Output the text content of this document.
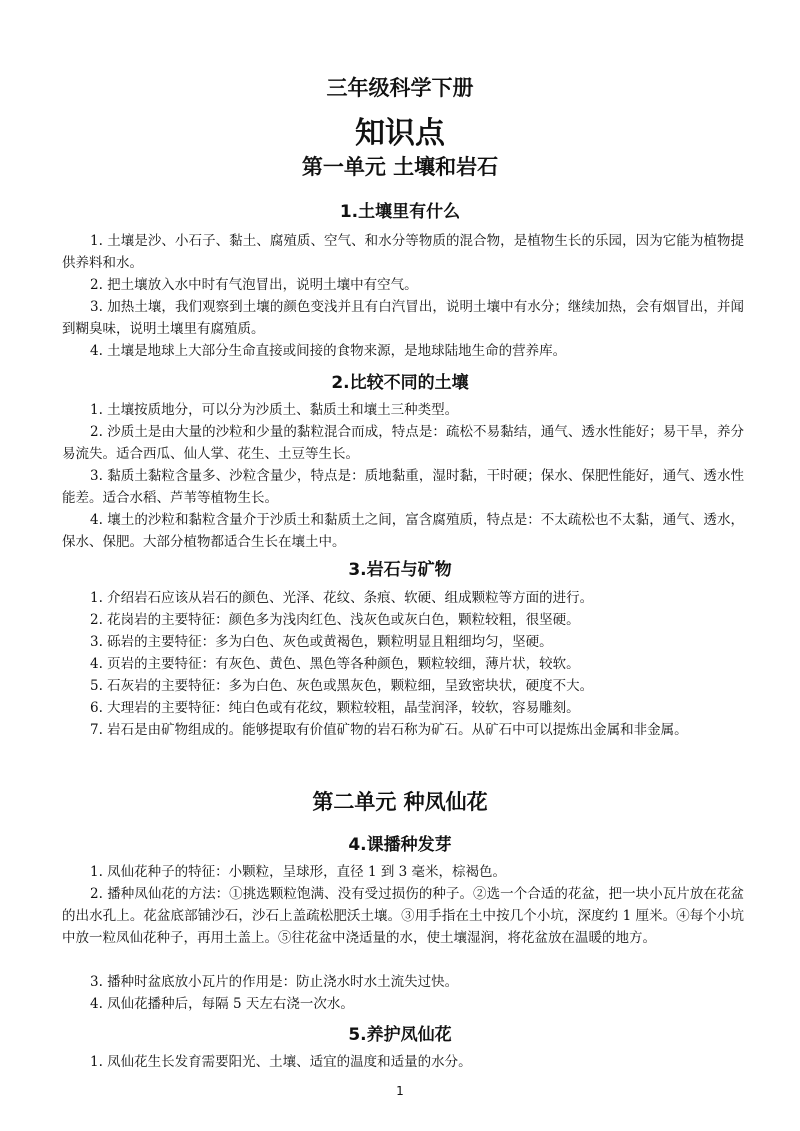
三年级科学下册
知识点
第一单元 土壤和岩石
1.土壤里有什么

1. 土壤是沙、小石子、黏土、腐殖质、空气、和水分等物质的混合物，是植物生长的乐园，因为它能为植物提供养料和水。

2. 把土壤放入水中时有气泡冒出，说明土壤中有空气。

3. 加热土壤，我们观察到土壤的颜色变浅并且有白汽冒出，说明土壤中有水分；继续加热，会有烟冒出，并闻到糊臭味，说明土壤里有腐殖质。

4. 土壤是地球上大部分生命直接或间接的食物来源，是地球陆地生命的营养库。

2.比较不同的土壤

1. 土壤按质地分，可以分为沙质土、黏质土和壤土三种类型。

2. 沙质土是由大量的沙粒和少量的黏粒混合而成，特点是：疏松不易黏结，通气、透水性能好；易干旱，养分易流失。适合西瓜、仙人掌、花生、土豆等生长。

3. 黏质土黏粒含量多、沙粒含量少，特点是：质地黏重，湿时黏，干时硬；保水、保肥性能好，通气、透水性能差。适合水稻、芦苇等植物生长。

4. 壤土的沙粒和黏粒含量介于沙质土和黏质土之间，富含腐殖质，特点是：不太疏松也不太黏，通气、透水，保水、保肥。大部分植物都适合生长在壤土中。

3.岩石与矿物

1. 介绍岩石应该从岩石的颜色、光泽、花纹、条痕、软硬、组成颗粒等方面的进行。

2. 花岗岩的主要特征：颜色多为浅肉红色、浅灰色或灰白色，颗粒较粗，很坚硬。

3. 砾岩的主要特征：多为白色、灰色或黄褐色，颗粒明显且粗细均匀，坚硬。

4. 页岩的主要特征：有灰色、黄色、黑色等各种颜色，颗粒较细，薄片状，较软。

5. 石灰岩的主要特征：多为白色、灰色或黑灰色，颗粒细，呈致密块状，硬度不大。

6. 大理岩的主要特征：纯白色或有花纹，颗粒较粗，晶莹润泽，较软，容易雕刻。

7. 岩石是由矿物组成的。能够提取有价值矿物的岩石称为矿石。从矿石中可以提炼出金属和非金属。

第二单元 种凤仙花
4.课播种发芽

1. 凤仙花种子的特征：小颗粒，呈球形，直径 1 到 3 毫米，棕褐色。

2. 播种凤仙花的方法：①挑选颗粒饱满、没有受过损伤的种子。②选一个合适的花盆，把一块小瓦片放在花盆的出水孔上。花盆底部铺沙石，沙石上盖疏松肥沃土壤。③用手指在土中按几个小坑，深度约 1 厘米。④每个小坑中放一粒凤仙花种子，再用土盖上。⑤往花盆中浇适量的水，使土壤湿润，将花盆放在温暖的地方。

3. 播种时盆底放小瓦片的作用是：防止浇水时水土流失过快。

4. 凤仙花播种后，每隔 5 天左右浇一次水。

5.养护凤仙花

1. 凤仙花生长发育需要阳光、土壤、适宜的温度和适量的水分。

1
